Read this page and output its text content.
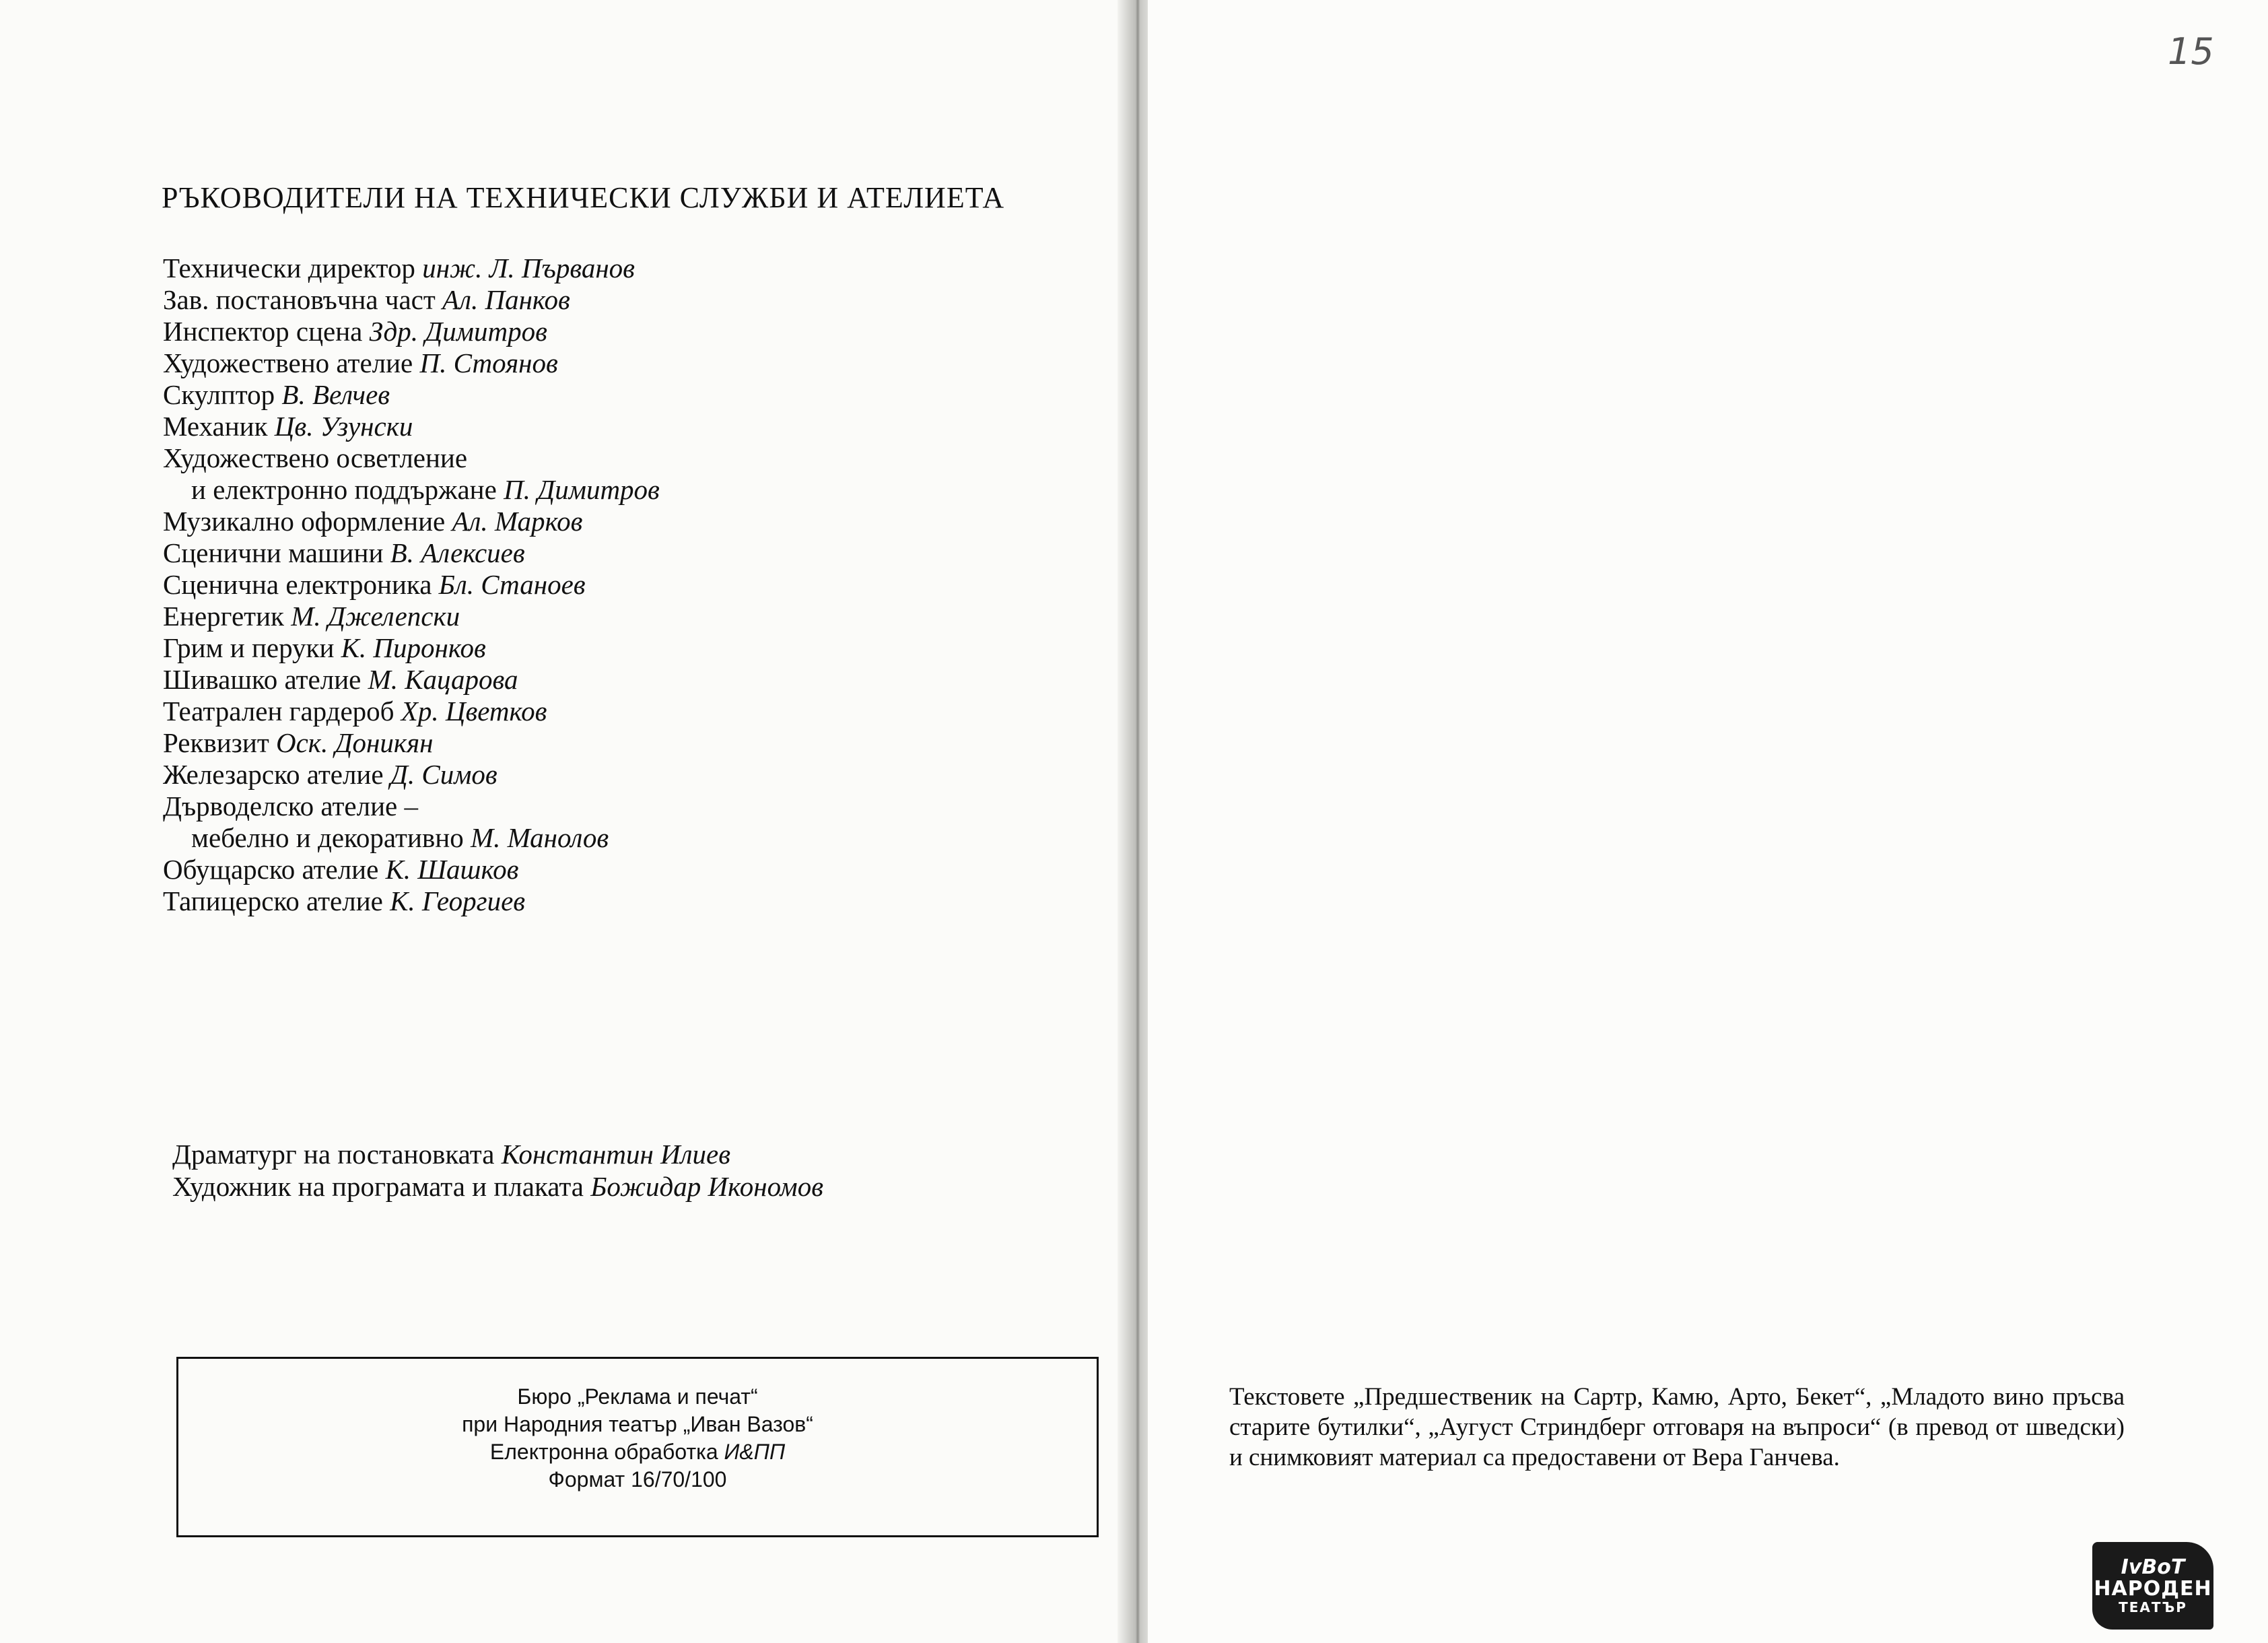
РЪКОВОДИТЕЛИ НА ТЕХНИЧЕСКИ СЛУЖБИ И АТЕЛИЕТА
Технически директор инж. Л. Първанов
Зав. постановъчна част Ал. Панков
Инспектор сцена Здр. Димитров
Художествено ателие П. Стоянов
Скулптор В. Велчев
Механик Цв. Узунски
Художествено осветление
и електронно поддържане П. Димитров
Музикално оформление Ал. Марков
Сценични машини В. Алексиев
Сценична електроника Бл. Станоев
Енергетик М. Джелепски
Грим и перуки К. Пиронков
Шивашко ателие М. Кацарова
Театрален гардероб Хр. Цветков
Реквизит Оск. Доникян
Железарско ателие Д. Симов
Дърводелско ателие –
мебелно и декоративно М. Манолов
Обущарско ателие К. Шашков
Тапицерско ателие К. Георгиев
Драматург на постановката Константин Илиев
Художник на програмата и плаката Божидар Икономов
Бюро „Реклама и печат“
при Народния театър „Иван Вазов“
Електронна обработка И&ПП
Формат 16/70/100
15

Текстовете „Предшественик на Сартр, Камю, Арто, Бекет“, „Младото вино пръсва старите бутилки“, „Аугуст Стриндберг отговаря на въпроси“ (в превод от шведски) и снимковият материал са предоставени от Вера Ганчева.

IvBoT
НАРОДЕН
ТЕАТЪР
